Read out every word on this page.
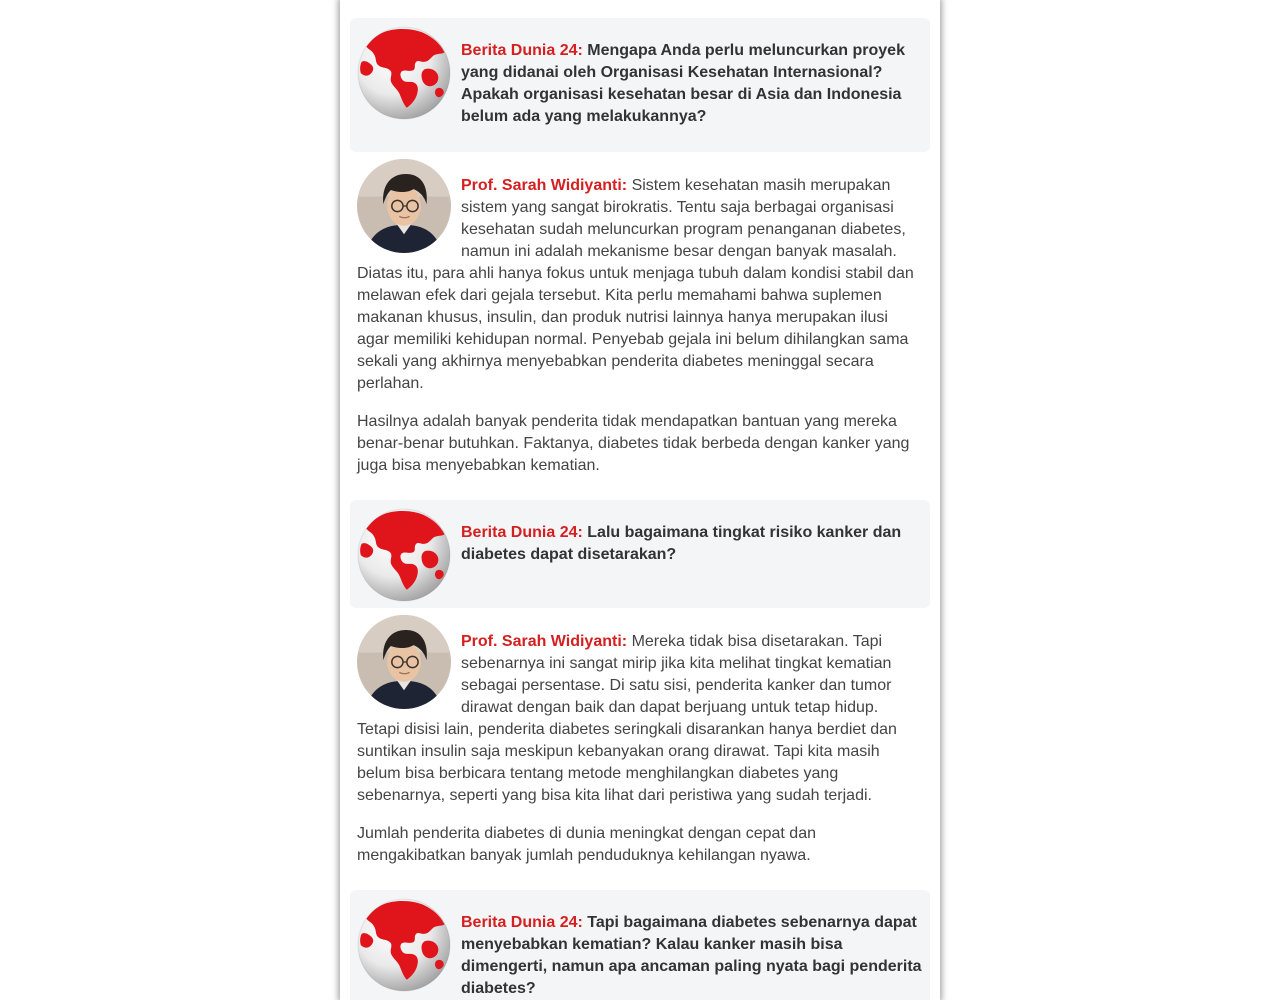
Berita Dunia 24: Mengapa Anda perlu meluncurkan proyek yang didanai oleh Organisasi Kesehatan Internasional? Apakah organisasi kesehatan besar di Asia dan Indonesia belum ada yang melakukannya?

Prof. Sarah Widiyanti: Sistem kesehatan masih merupakan sistem yang sangat birokratis. Tentu saja berbagai organisasi kesehatan sudah meluncurkan program penanganan diabetes, namun ini adalah mekanisme besar dengan banyak masalah. Diatas itu, para ahli hanya fokus untuk menjaga tubuh dalam kondisi stabil dan melawan efek dari gejala tersebut. Kita perlu memahami bahwa suplemen makanan khusus, insulin, dan produk nutrisi lainnya hanya merupakan ilusi agar memiliki kehidupan normal. Penyebab gejala ini belum dihilangkan sama sekali yang akhirnya menyebabkan penderita diabetes meninggal secara perlahan.

Hasilnya adalah banyak penderita tidak mendapatkan bantuan yang mereka benar-benar butuhkan. Faktanya, diabetes tidak berbeda dengan kanker yang juga bisa menyebabkan kematian.

Berita Dunia 24: Lalu bagaimana tingkat risiko kanker dan diabetes dapat disetarakan?

Prof. Sarah Widiyanti: Mereka tidak bisa disetarakan. Tapi sebenarnya ini sangat mirip jika kita melihat tingkat kematian sebagai persentase. Di satu sisi, penderita kanker dan tumor dirawat dengan baik dan dapat berjuang untuk tetap hidup. Tetapi disisi lain, penderita diabetes seringkali disarankan hanya berdiet dan suntikan insulin saja meskipun kebanyakan orang dirawat. Tapi kita masih belum bisa berbicara tentang metode menghilangkan diabetes yang sebenarnya, seperti yang bisa kita lihat dari peristiwa yang sudah terjadi.

Jumlah penderita diabetes di dunia meningkat dengan cepat dan mengakibatkan banyak jumlah penduduknya kehilangan nyawa.

Berita Dunia 24: Tapi bagaimana diabetes sebenarnya dapat menyebabkan kematian? Kalau kanker masih bisa dimengerti, namun apa ancaman paling nyata bagi penderita diabetes?
